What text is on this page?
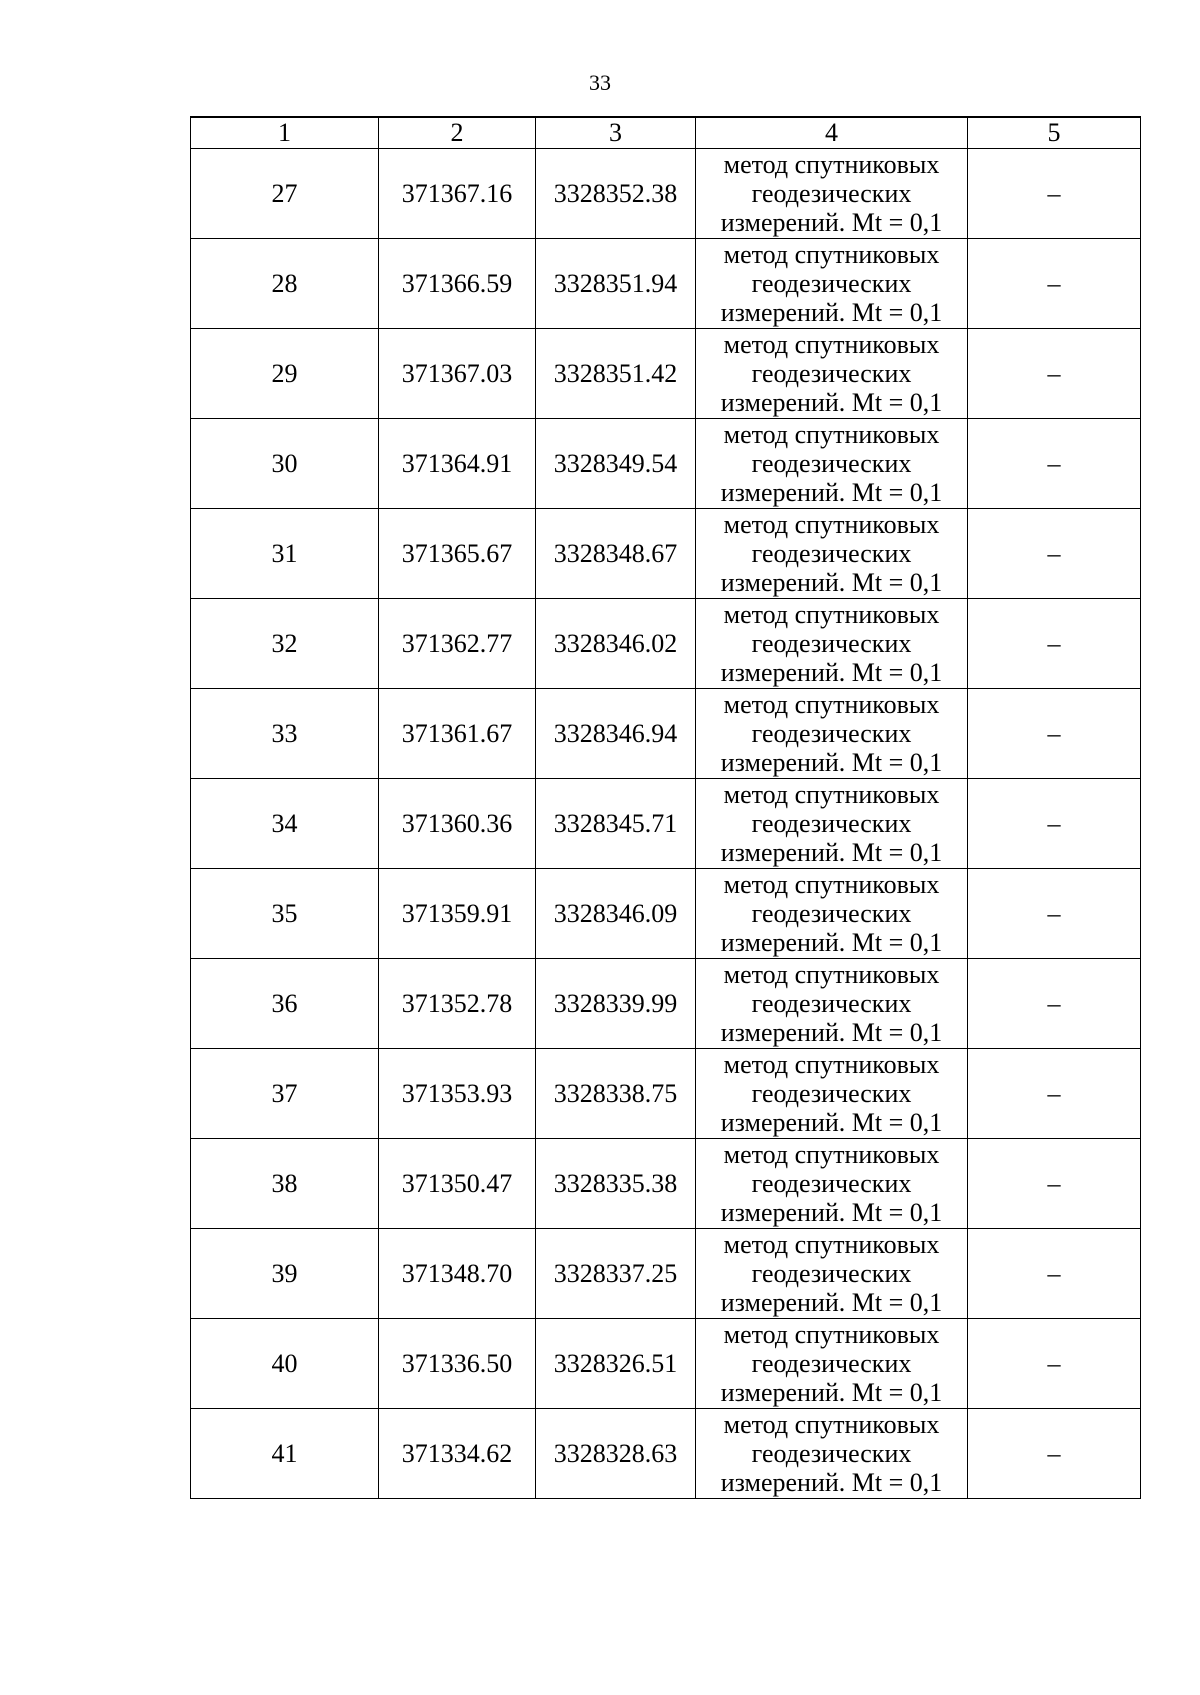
33
1	2	3	4	5
27	371367.16	3328352.38	метод спутниковых
геодезических
измерений. Mt = 0,1	–
28	371366.59	3328351.94	метод спутниковых
геодезических
измерений. Mt = 0,1	–
29	371367.03	3328351.42	метод спутниковых
геодезических
измерений. Mt = 0,1	–
30	371364.91	3328349.54	метод спутниковых
геодезических
измерений. Mt = 0,1	–
31	371365.67	3328348.67	метод спутниковых
геодезических
измерений. Mt = 0,1	–
32	371362.77	3328346.02	метод спутниковых
геодезических
измерений. Mt = 0,1	–
33	371361.67	3328346.94	метод спутниковых
геодезических
измерений. Mt = 0,1	–
34	371360.36	3328345.71	метод спутниковых
геодезических
измерений. Mt = 0,1	–
35	371359.91	3328346.09	метод спутниковых
геодезических
измерений. Mt = 0,1	–
36	371352.78	3328339.99	метод спутниковых
геодезических
измерений. Mt = 0,1	–
37	371353.93	3328338.75	метод спутниковых
геодезических
измерений. Mt = 0,1	–
38	371350.47	3328335.38	метод спутниковых
геодезических
измерений. Mt = 0,1	–
39	371348.70	3328337.25	метод спутниковых
геодезических
измерений. Mt = 0,1	–
40	371336.50	3328326.51	метод спутниковых
геодезических
измерений. Mt = 0,1	–
41	371334.62	3328328.63	метод спутниковых
геодезических
измерений. Mt = 0,1	–
